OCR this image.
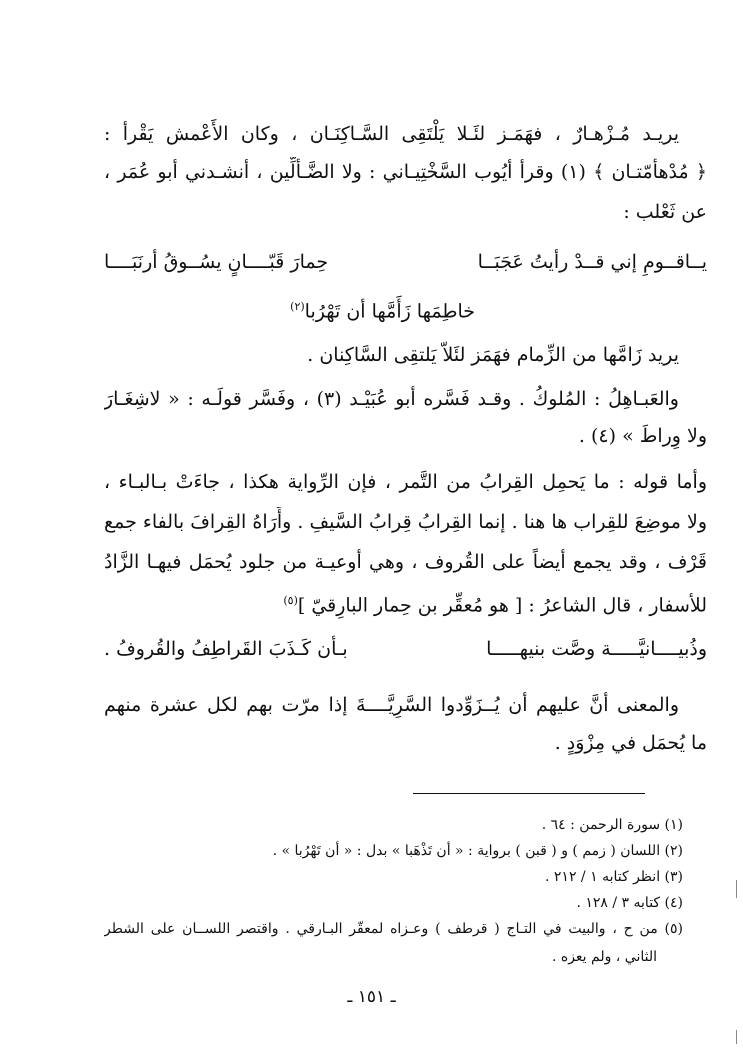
يريـد مُـزْهـارٌ ، فهَمَـز لئَـلا يَلْتَقِى السَّـاكِنَـان ، وكان الأَعْمش يَقْرأ :
﴿ مُدْهأمّتـان ﴾ (١) وقرأ أيُوب السَّخْتِيـاني : ولا الضَّـأَلِّين ، أنشـدني أبو عُمَر ،
عن ثَعْلب :
يــاقــومِ إني قــدْ رأيتُ عَجَبَــا
حِمارَ قَبّــــانٍ يسُــوقُ أرنَبَــــا
خاطِمَها زَأَمَّها أن تَهْرُبا$^{(٢)}$
يريد زَامَّها من الزِّمام فهَمَز لئَلاّ يَلتقِى السَّاكِنان .
والعَبـاهِلُ : المُلوكُ . وقـد فَسَّره أبو عُبَيْـد (٣) ، وفَسَّر قولَـه : « لاشِغَـارَ
ولا وِراطَ » (٤) .
وأما قوله : ما يَحمِل القِرابُ من التَّمر ، فإن الرِّواية هكذا ، جاءَتْ بـالبـاء ،
ولا موضِعَ للقِراب ها هنا . إنما القِرابُ قِرابُ السَّيفِ . وأَرَاهُ القِرافَ بالفاء جمع
قَرْف ، وقد يجمع أيضاً على القُروف ، وهي أوعيـة من جلود يُحمَل فيهـا الزَّادُ
للأسفار ، قال الشاعرُ : [ هو مُعقِّر بن حِمار البارِقيّ ]$^{(٥)}$
وذُبيــــانيَّـــــة وصَّت بنيهـــــا
بـأن كَـذَبَ القَراطِفُ والقُروفُ .
والمعنى أنَّ عليهم أن يُــزَوِّدوا السَّرِيَّــــةَ إذا مرّت بهم لكل عشرة منهم
ما يُحمَل في مِزْوَدٍ .
(١) سورة الرحمن : ٦٤ .
(٢) اللسان ( زمم ) و ( قبن ) برواية : « أن تَذْهَبا » بدل : « أن تَهْرُبا » .
(٣) انظر كتابه ١ / ٢١٢ .
(٤) كتابه ٣ / ١٢٨ .
(٥) من ح ، والبيت في التـاج ( قرطف ) وعـزاه لمعقّر البـارقي . واقتصر اللســان على الشطر
الثاني ، ولم يعزه .
ـ ١٥١ ـ
